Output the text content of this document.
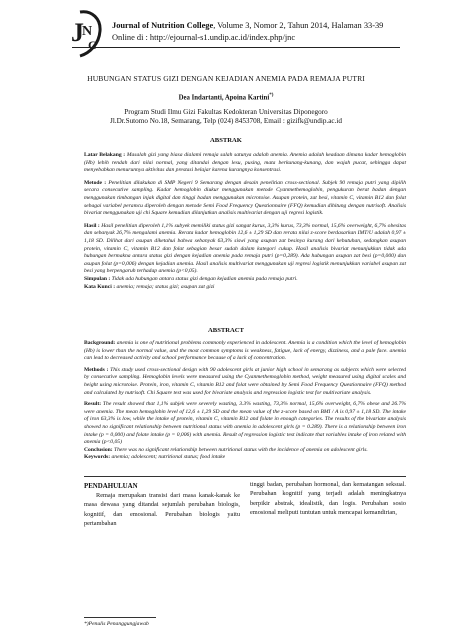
J
N
C
Journal of Nutrition College, Volume 3, Nomor 2, Tahun 2014, Halaman 33-39
Online di : http://ejournal-s1.undip.ac.id/index.php/jnc
HUBUNGAN STATUS GIZI DENGAN KEJADIAN ANEMIA PADA REMAJA PUTRI
Dea Indartanti, Apoina Kartini*)
Program Studi Ilmu Gizi Fakultas Kedokteran Universitas Diponegoro
Jl.Dr.Sutomo No.18, Semarang, Telp (024) 8453708, Email : gizifk@undip.ac.id
ABSTRAK

Latar Belakang : Masalah gizi yang biasa dialami remaja salah satunya adalah anemia. Anemia adalah keadaan dimana kadar hemoglobin (Hb) lebih rendah dari nilai normal, yang ditandai dengan lesu, pusing, mata berkunang-kunang, dan wajah pucat, sehingga dapat menyebabkan menurunnya aktivitas dan prestasi belajar karena kurangnya konsentrasi.

Metode : Penelitian dilakukan di SMP Negeri 9 Semarang dengan desain penelitian cross-sectional. Subjek 90 remaja putri yang dipilih secara consecutive sampling. Kadar hemoglobin diukur menggunakan metode Cyanmethemoglobin, pengukuran berat badan dengan menggunakan timbangan injak digital dan tinggi badan menggunakan microtoise. Asupan protein, zat besi, vitamin C, vitamin B12 dan folat sebagai variabel peramcu diperoleh dengan metode Semi Food Frequency Questionnaire (FFQ) kemudian dihitung dengan nutrisoft. Analisis bivariat menggunakan uji chi Square kemudian dilanjutkan analisis multivariat dengan uji regresi logistik.

Hasil : Hasil penelitian diperoleh 1,1% subyek memiliki status gizi sangat kurus, 3,3% kurus, 73,3% normal, 15,6% overweight, 6,7% obesitas dan sebanyak 26,7% mengalami anemia. Rerata kadar hemoglobin 12,6 ± 1,29 SD dan rerata nilai z-score berdasarkan IMT/U adalah 0,97 ± 1,18 SD. Dilihat dari asupan diketahui bahwa sebanyak 63,3% siswi yang asupan zat besinya kurang dari kebutuhan, sedangkan asupan protein, vitamin C, vitamin B12 dan folat sebagian besar sudah dalam kategori cukup. Hasil analisis bivariat menunjukkan tidak ada hubungan bermakna antara status gizi dengan kejadian anemia pada remaja putri (p=0,289). Ada hubungan asupan zat besi (p=0,000) dan asupan folat (p=0,006) dengan kejadian anemia. Hasil analisis multivariat menggunakan uji regresi logistik menunjukkan variabel asupan zat besi yang berpengaruh terhadap anemia (p<0,05).

Simpulan : Tidak ada hubungan antara status gizi dengan kejadian anemia pada remaja putri.

Kata Kunci : anemia; remaja; status gizi; asupan zat gizi

ABSTRACT

Background: anemia is one of nutritional problems commonly experienced in adolescent. Anemia is a condition which the level of hemoglobin (Hb) is lower than the normal value, and the most common symptoms is weakness, fatigue, lack of energy, dizziness, and a pale face. anemia can lead to decreased activity and school performance because of a lack of concentration.

Methods : This study used cross-sectional design with 90 adolescent girls at junior high school in semarang as subjects which were selected by consecutive sampling. Hemoglobin levels were measured using the Cyanmethemoglobin method, weight measured using digital scales and height using microtoise. Protein, iron, vitamin C, vitamin B12 and folat were obtained by Semi Food Frequency Questionnaire (FFQ) method and calculated by nutrisoft. Chi Square test was used for bivariate analysis and regression logistic test for multivariate analysis.

Result: The result showed that 1,1% subjek were severely wasting, 3.3% wasting, 73,3% normal, 15,6% overweight, 6,7% obese and 26.7% were anemia. The mean hemoglobin level of 12,6 ± 1,29 SD and the mean value of the z-score based on BMI / A is 0,97 ± 1,18 SD. The intake of iron 63,3% is low, while the intake of protein, vitamin C, vitamin B12 and folate in enough categories. The results of the bivariate analysis showed no significant relationship between nutritional status with anemia in adolescent girls (p = 0.289). There is a relationship between iron intake (p = 0,000) and folate intake (p = 0,006) with anemia. Result of regression logistic test indicate that variables intake of iron related with anemia (p<0,05)

Conclusion: There was no significant relationship between nutritional status with the incidence of anemia on adolescent girls.

Keywords: anemia; adolescent; nutritional status; food intake

PENDAHULUAN

Remaja merupakan transisi dari masa kanak-kanak ke masa dewasa yang ditandai sejumlah perubahan biologis, kognitif, dan emosional. Perubahan biologis yaitu pertambahan

tinggi badan, perubahan hormonal, dan kematangan seksual. Perubahan kognitif yang terjadi adalah meningkatnya berpikir abstrak, idealistik, dan logis. Perubahan sosio emosional meliputi tuntutan untuk mencapai kemandirian,

*)Penulis Penanggungjawab
